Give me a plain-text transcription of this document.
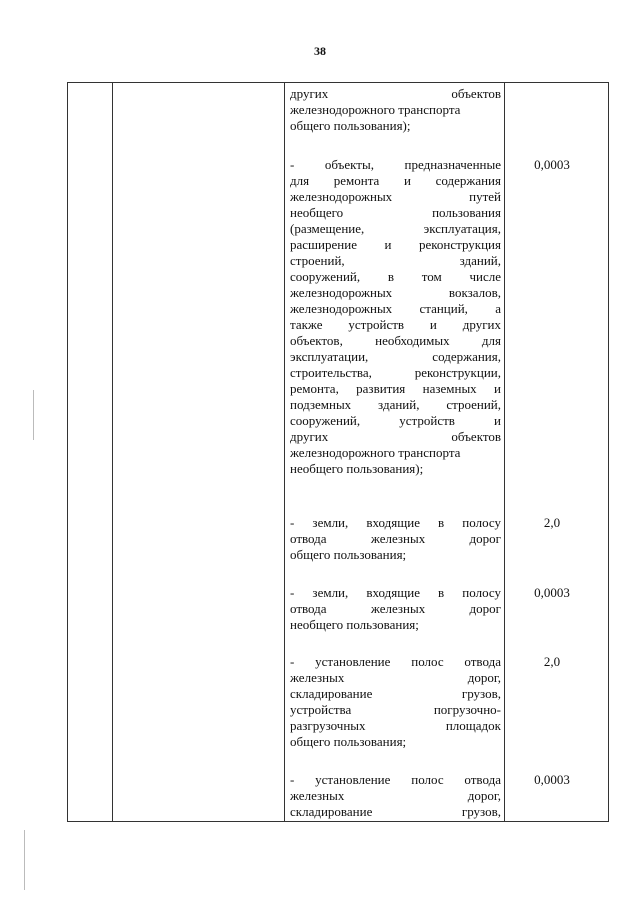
38
других объектов
железнодорожного транспорта
общего пользования);
- объекты, предназначенные
для ремонта и содержания
железнодорожных путей
необщего пользования
(размещение, эксплуатация,
расширение и реконструкция
строений, зданий,
сооружений, в том числе
железнодорожных вокзалов,
железнодорожных станций, а
также устройств и других
объектов, необходимых для
эксплуатации, содержания,
строительства, реконструкции,
ремонта, развития наземных и
подземных зданий, строений,
сооружений, устройств и
других объектов
железнодорожного транспорта
необщего пользования);
0,0003
- земли, входящие в полосу
отвода железных дорог
общего пользования;
2,0
- земли, входящие в полосу
отвода железных дорог
необщего пользования;
0,0003
- установление полос отвода
железных дорог,
складирование грузов,
устройства погрузочно-
разгрузочных площадок
общего пользования;
2,0
- установление полос отвода
железных дорог,
складирование грузов,
0,0003
